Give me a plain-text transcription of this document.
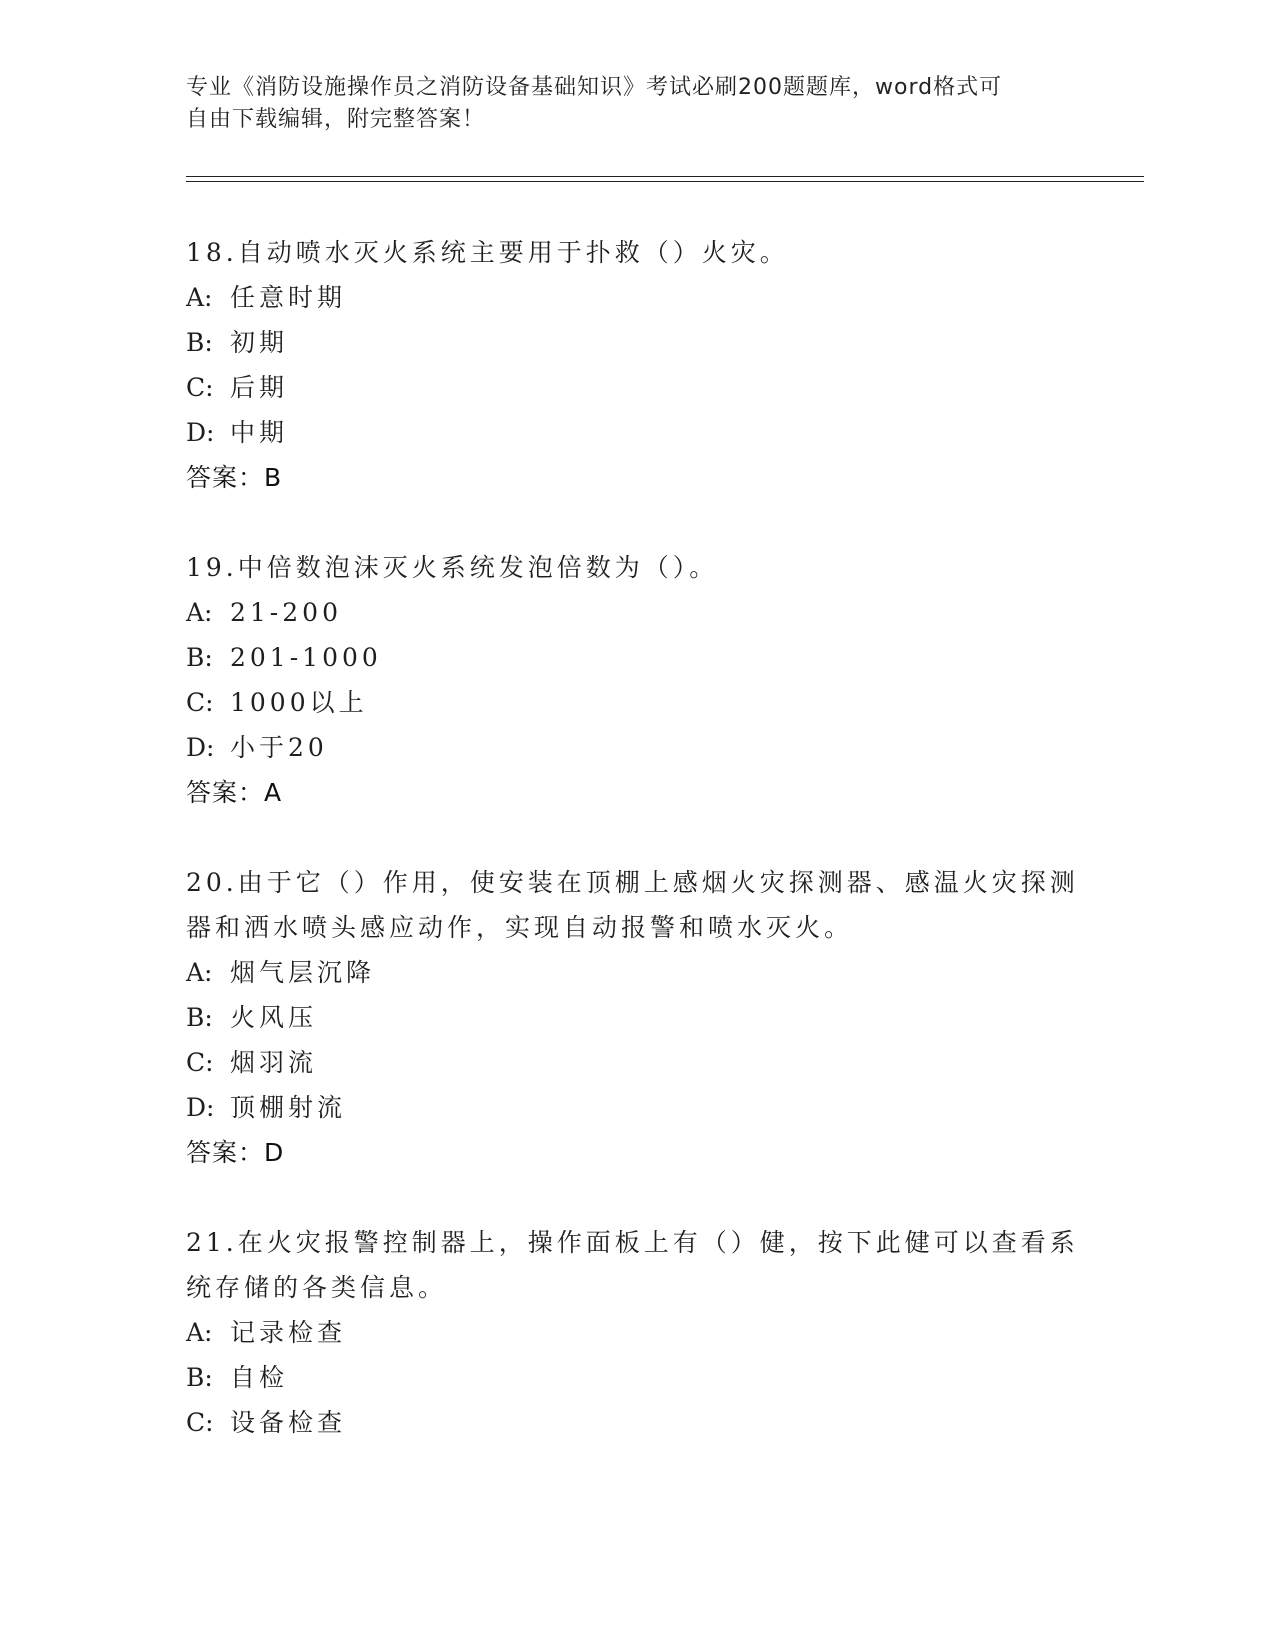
专业《消防设施操作员之消防设备基础知识》考试必刷200题题库，word格式可
自由下载编辑，附完整答案！
18.自动喷水灭火系统主要用于扑救（）火灾。
A: 任意时期
B: 初期
C: 后期
D: 中期
答案：B
19.中倍数泡沫灭火系统发泡倍数为（）。
A: 21-200
B: 201-1000
C: 1000以上
D: 小于20
答案：A
20.由于它（）作用，使安装在顶棚上感烟火灾探测器、感温火灾探测
器和洒水喷头感应动作，实现自动报警和喷水灭火。
A: 烟气层沉降
B: 火风压
C: 烟羽流
D: 顶棚射流
答案：D
21.在火灾报警控制器上，操作面板上有（）健，按下此健可以查看系
统存储的各类信息。
A: 记录检查
B: 自检
C: 设备检查
